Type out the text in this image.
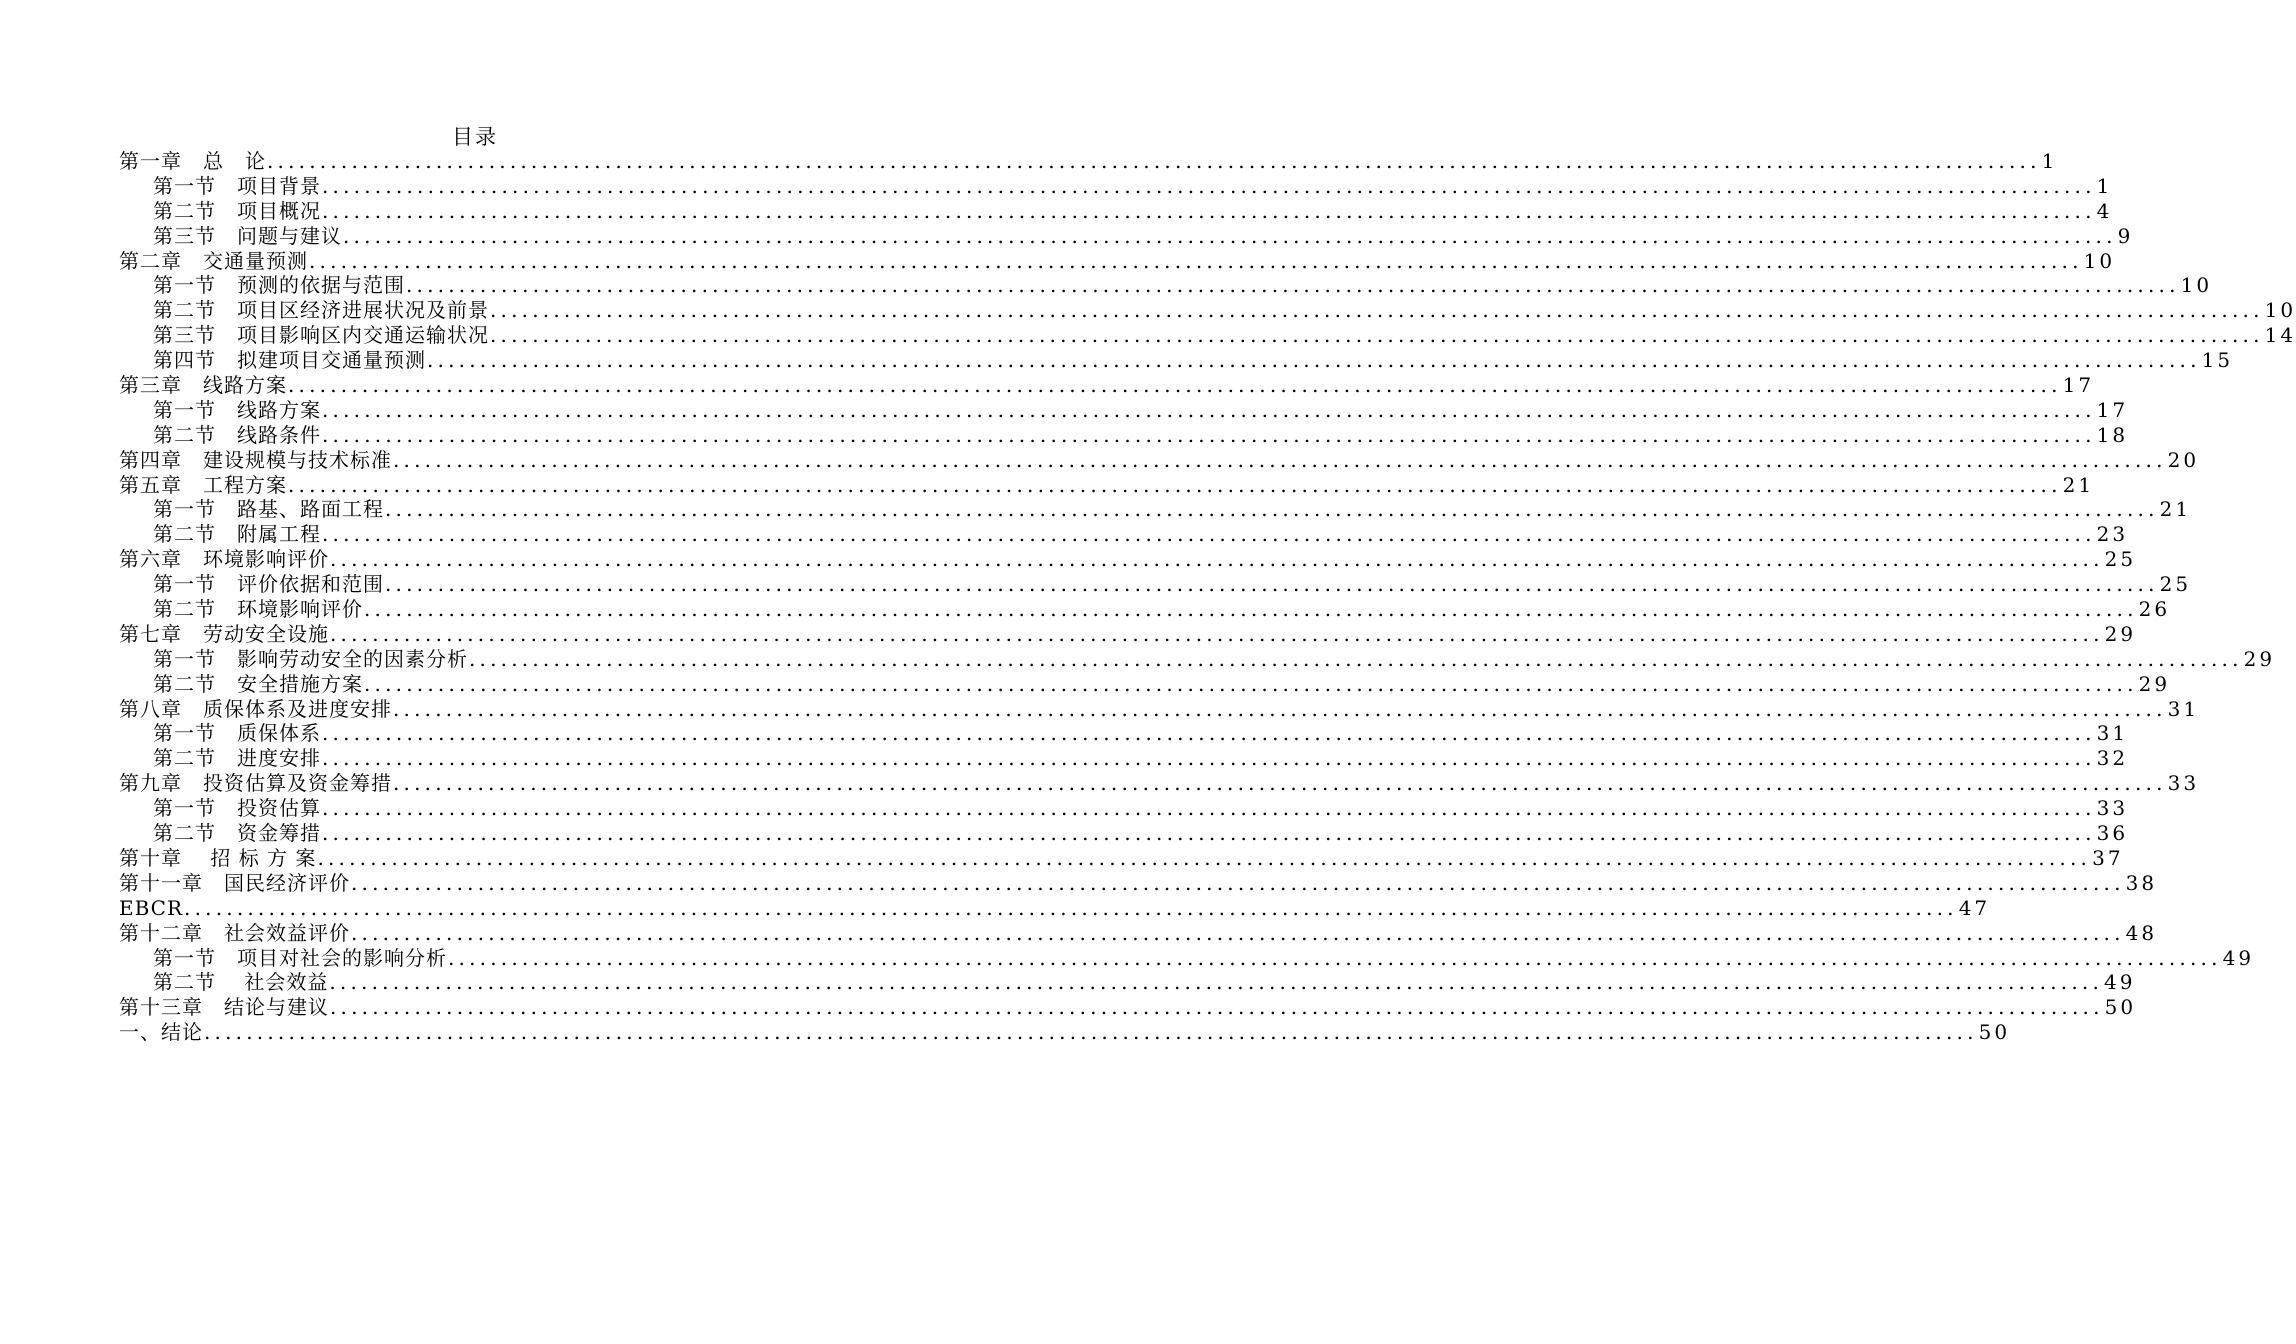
目录
第一章　总　论 .....	1
第一节　项目背景 .....	1
第二节　项目概况 .....	4
第三节　问题与建议 .....	9
第二章　交通量预测 .....	10
第一节　预测的依据与范围 .....	10
第二节　项目区经济进展状况及前景 .....	10
第三节　项目影响区内交通运输状况 .....	14
第四节　拟建项目交通量预测 .....	15
第三章　线路方案 .....	17
第一节　线路方案 .....	17
第二节　线路条件 .....	18
第四章　建设规模与技术标准 .....	20
第五章　工程方案 .....	21
第一节　路基、路面工程 .....	21
第二节　附属工程 .....	23
第六章　环境影响评价 .....	25
第一节　评价依据和范围 .....	25
第二节　环境影响评价 .....	26
第七章　劳动安全设施 .....	29
第一节　影响劳动安全的因素分析 .....	29
第二节　安全措施方案 .....	29
第八章　质保体系及进度安排 .....	31
第一节　质保体系 .....	31
第二节　进度安排 .....	32
第九章　投资估算及资金筹措 .....	33
第一节　投资估算 .....	33
第二节　资金筹措 .....	36
第十章　 招 标 方 案 .....	37
第十一章　国民经济评价 .....	38
EBCR .....	47
第十二章　社会效益评价 .....	48
第一节　项目对社会的影响分析 .....	49
第二节　 社会效益 .....	49
第十三章　结论与建议 .....	50
一、结论 .....	50
